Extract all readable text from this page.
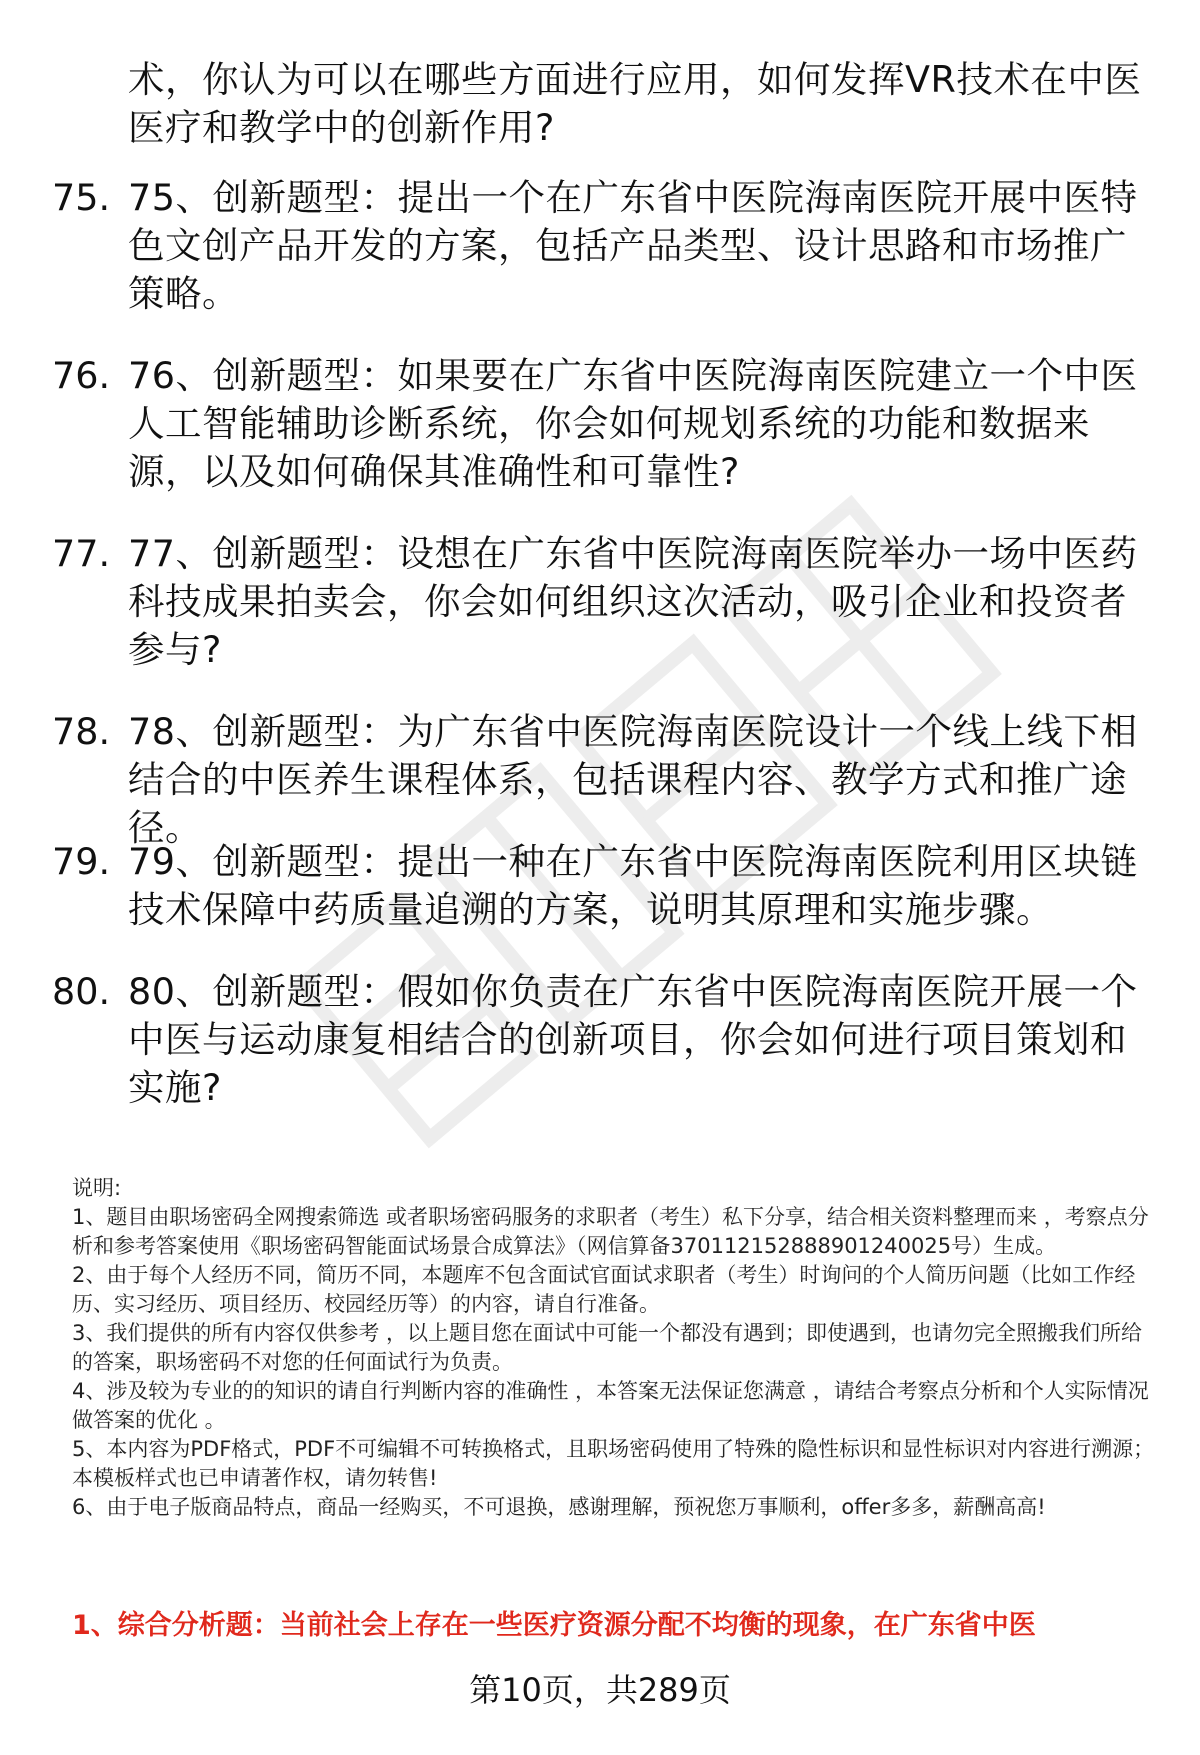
术，你认为可以在哪些方面进行应用，如何发挥VR技术在中医医疗和教学中的创新作用?
75. 75、创新题型：提出一个在广东省中医院海南医院开展中医特色文创产品开发的方案，包括产品类型、设计思路和市场推广策略。
76. 76、创新题型：如果要在广东省中医院海南医院建立一个中医人工智能辅助诊断系统，你会如何规划系统的功能和数据来源，以及如何确保其准确性和可靠性?
77. 77、创新题型：设想在广东省中医院海南医院举办一场中医药科技成果拍卖会，你会如何组织这次活动，吸引企业和投资者参与?
78. 78、创新题型：为广东省中医院海南医院设计一个线上线下相结合的中医养生课程体系，包括课程内容、教学方式和推广途径。
79. 79、创新题型：提出一种在广东省中医院海南医院利用区块链技术保障中药质量追溯的方案，说明其原理和实施步骤。
80. 80、创新题型：假如你负责在广东省中医院海南医院开展一个中医与运动康复相结合的创新项目，你会如何进行项目策划和实施?

说明:

1、题目由职场密码全网搜索筛选 或者职场密码服务的求职者（考生）私下分享，结合相关资料整理而来 ，考察点分析和参考答案使用《职场密码智能面试场景合成算法》（网信算备370112152888901240025号）生成。

2、由于每个人经历不同，简历不同，本题库不包含面试官面试求职者（考生）时询问的个人简历问题（比如工作经历、实习经历、项目经历、校园经历等）的内容，请自行准备。

3、我们提供的所有内容仅供参考 ，以上题目您在面试中可能一个都没有遇到；即使遇到，也请勿完全照搬我们所给的答案，职场密码不对您的任何面试行为负责。

4、涉及较为专业的的知识的请自行判断内容的准确性 ，本答案无法保证您满意 ，请结合考察点分析和个人实际情况做答案的优化 。

5、本内容为PDF格式，PDF不可编辑不可转换格式，且职场密码使用了特殊的隐性标识和显性标识对内容进行溯源；本模板样式也已申请著作权，请勿转售!

6、由于电子版商品特点，商品一经购买，不可退换，感谢理解，预祝您万事顺利，offer多多，薪酬高高!

1、综合分析题：当前社会上存在一些医疗资源分配不均衡的现象，在广东省中医
第10页，共289页
